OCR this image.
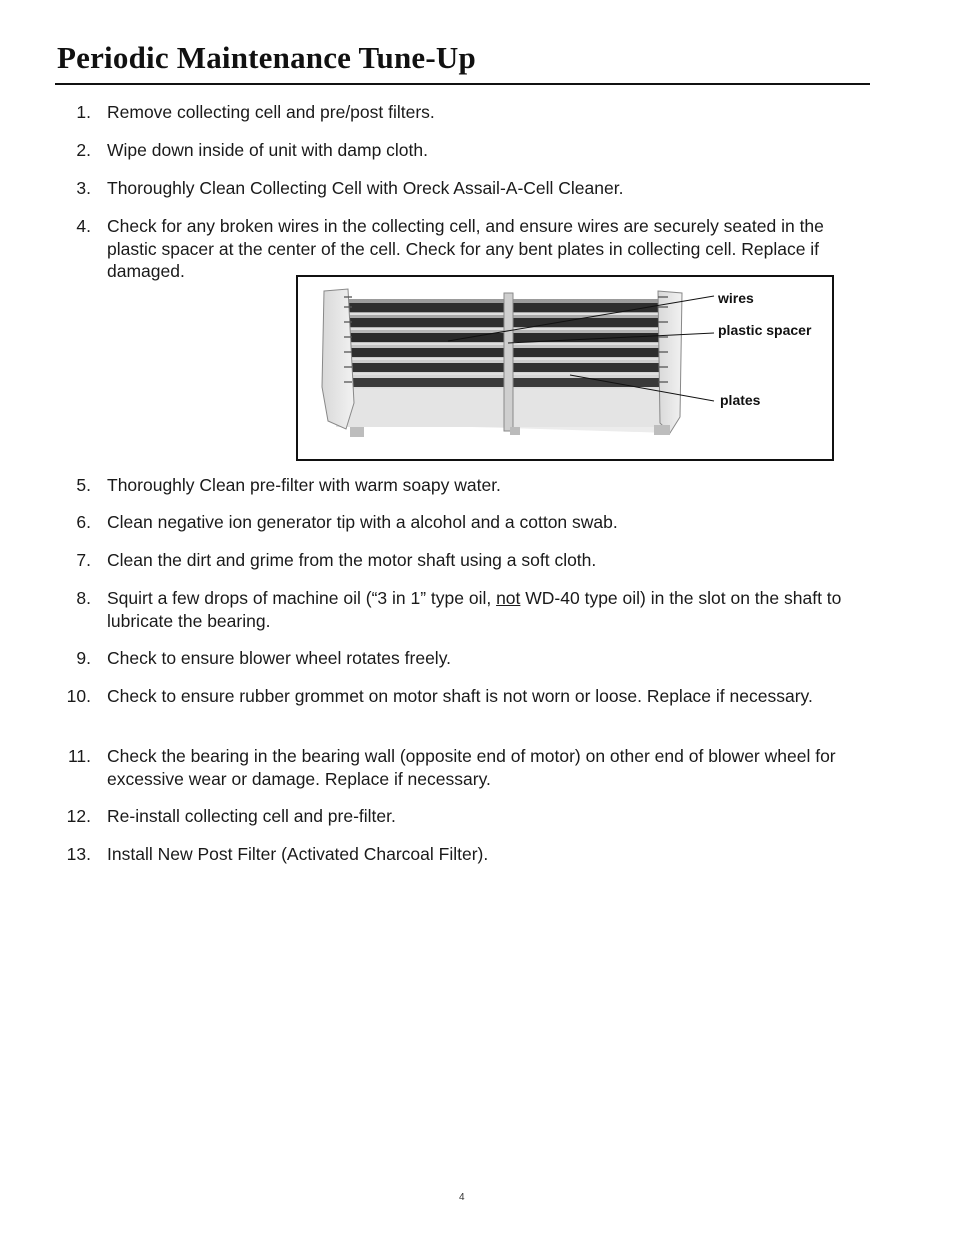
Periodic Maintenance Tune-Up
1. Remove collecting cell and pre/post filters.
2. Wipe down inside of unit with damp cloth.
3. Thoroughly Clean Collecting Cell with Oreck Assail-A-Cell Cleaner.
4. Check for any broken wires in the collecting cell, and ensure wires are securely seated in the plastic spacer at the center of the cell. Check for any bent plates in collecting cell. Replace if damaged.
wires
plastic spacer
plates
5. Thoroughly Clean pre-filter with warm soapy water.
6. Clean negative ion generator tip with a alcohol and a cotton swab.
7. Clean the dirt and grime from the motor shaft using a soft cloth.
8. Squirt a few drops of machine oil (“3 in 1” type oil, not WD-40 type oil) in the slot on the shaft to lubricate the bearing.
9. Check to ensure blower wheel rotates freely.
10. Check to ensure rubber grommet on motor shaft is not worn or loose. Replace if necessary.
11. Check the bearing in the bearing wall (opposite end of motor) on other end of blower wheel for excessive wear or damage. Replace if necessary.
12. Re-install collecting cell and pre-filter.
13. Install New Post Filter (Activated Charcoal Filter).
4
